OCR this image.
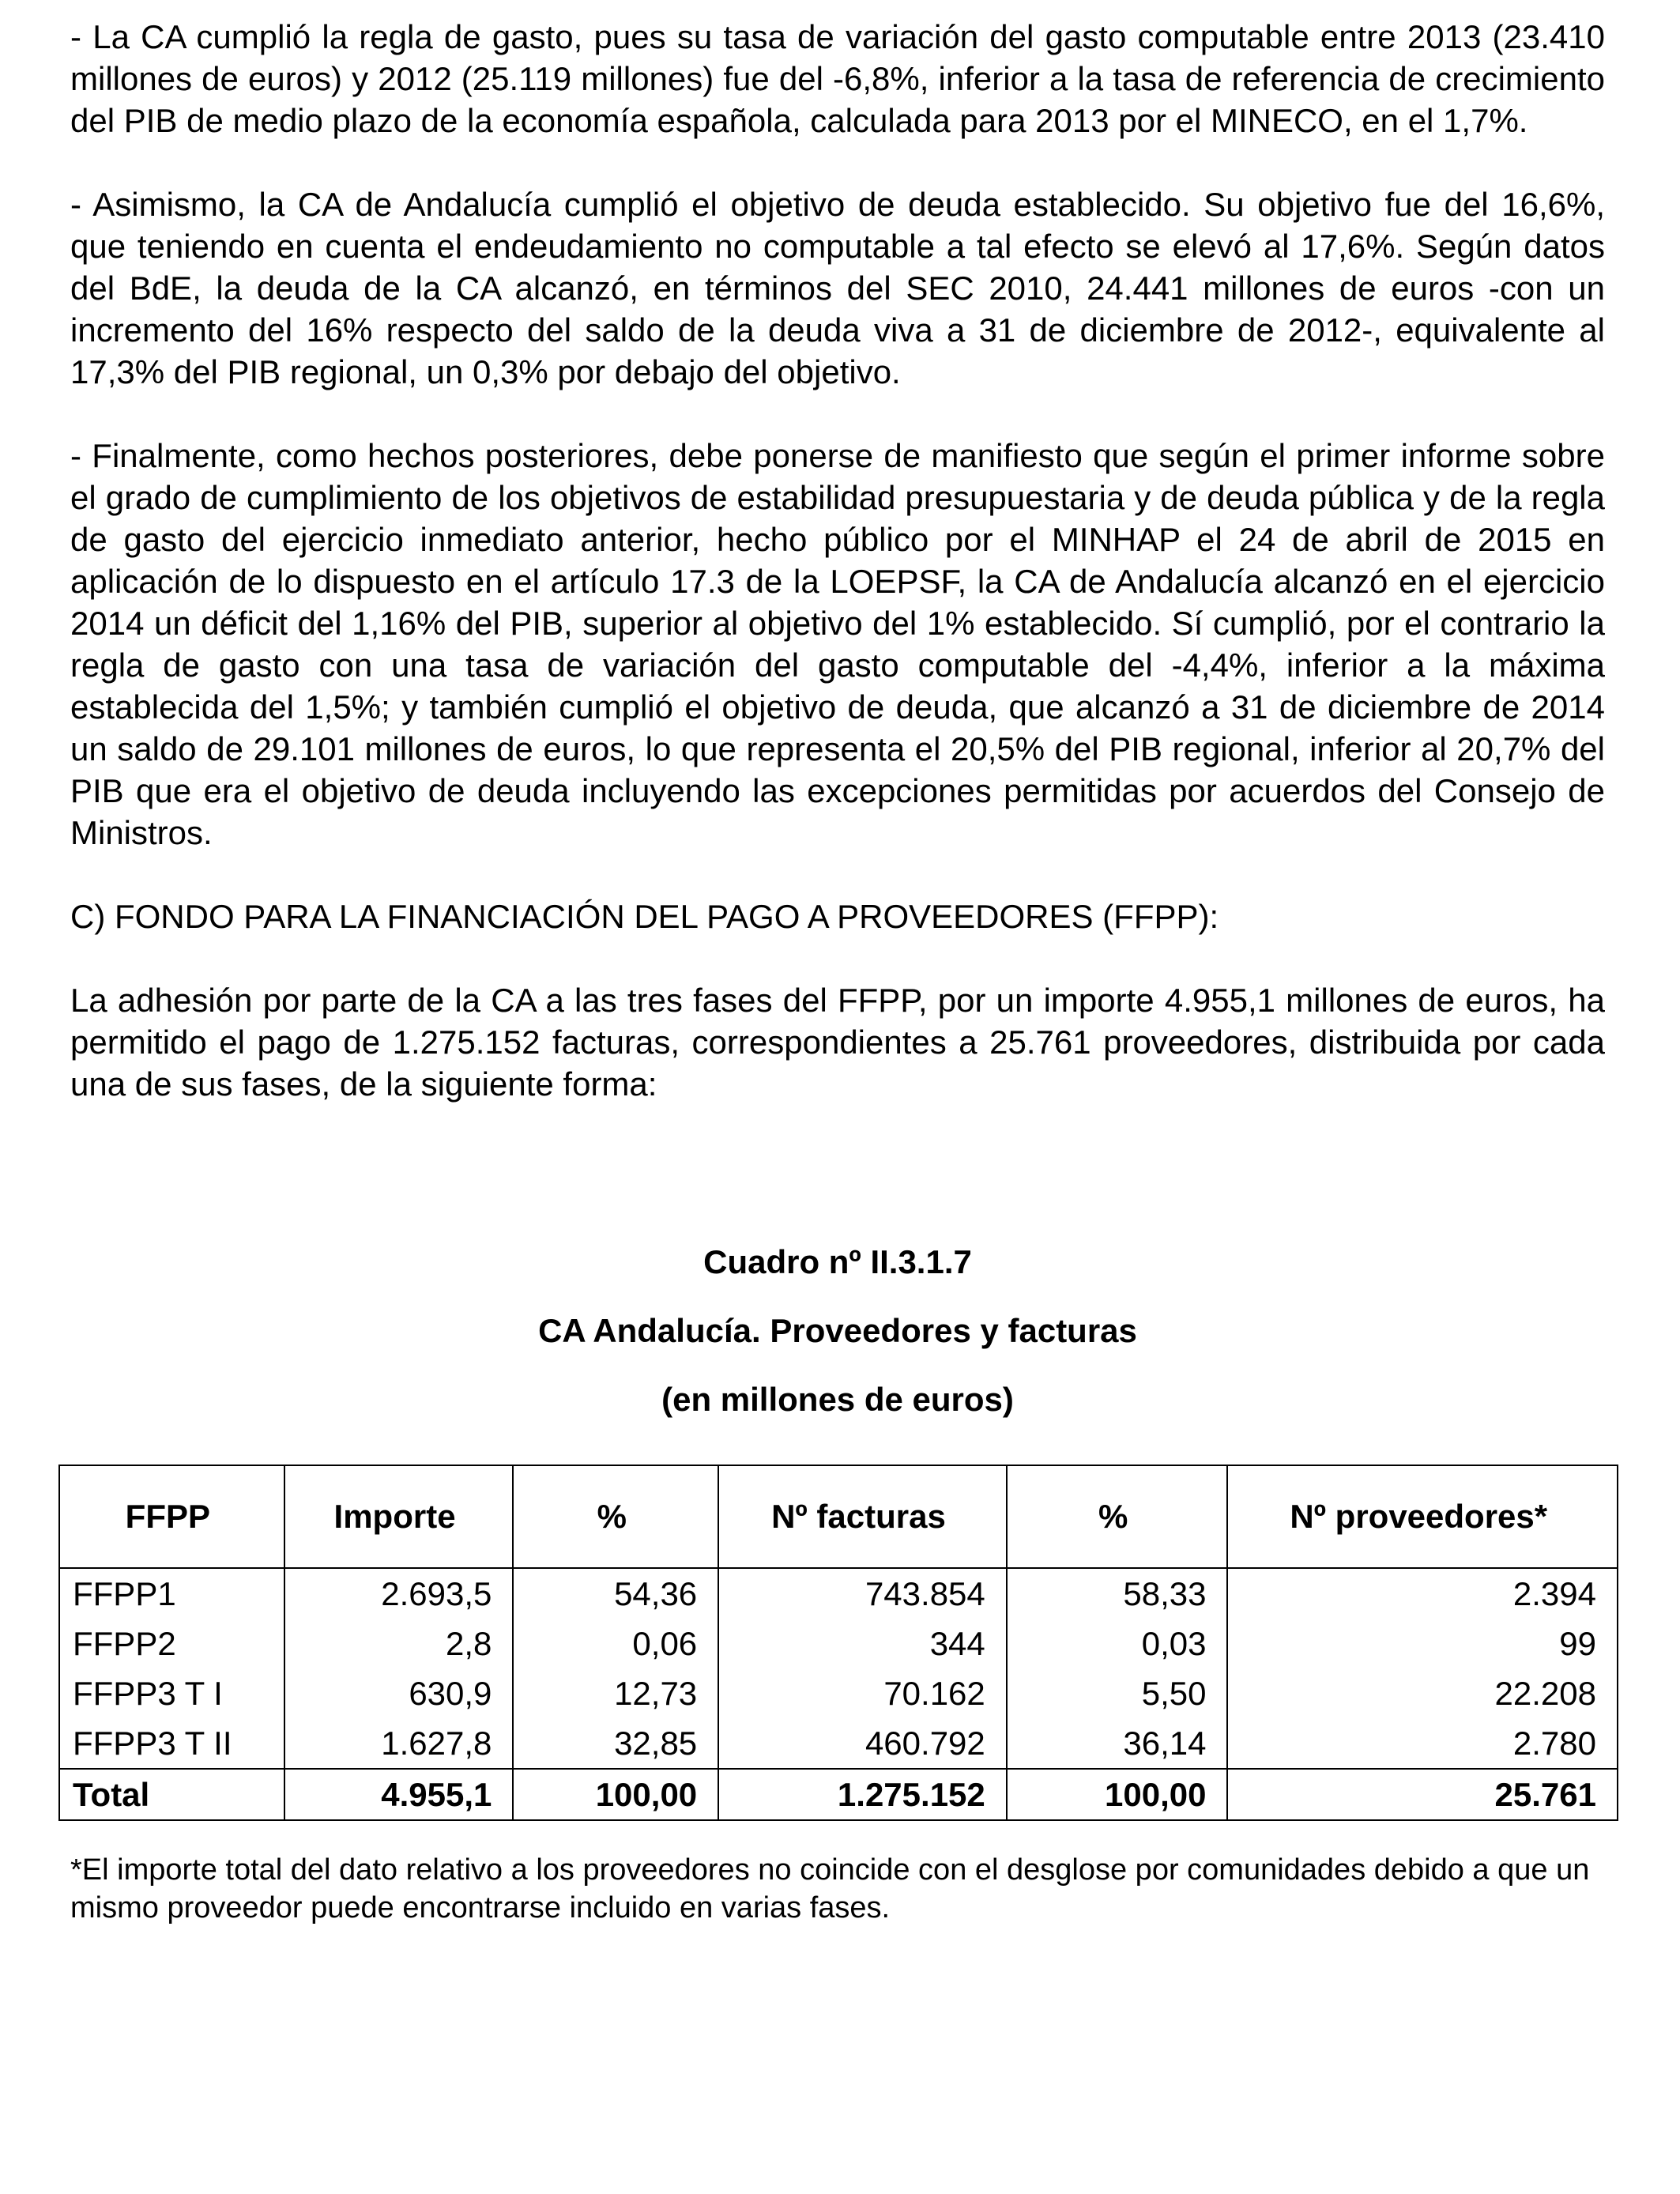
- La CA cumplió la regla de gasto, pues su tasa de variación del gasto computable entre 2013 (23.410 millones de euros) y 2012 (25.119 millones) fue del -6,8%, inferior a la tasa de referencia de crecimiento del PIB de medio plazo de la economía española, calculada para 2013 por el MINECO, en el 1,7%.

- Asimismo, la CA de Andalucía cumplió el objetivo de deuda establecido. Su objetivo fue del 16,6%, que teniendo en cuenta el endeudamiento no computable a tal efecto se elevó al 17,6%. Según datos del BdE, la deuda de la CA alcanzó, en términos del SEC 2010, 24.441 millones de euros -con un incremento del 16% respecto del saldo de la deuda viva a 31 de diciembre de 2012-, equivalente al 17,3% del PIB regional, un 0,3% por debajo del objetivo.

- Finalmente, como hechos posteriores, debe ponerse de manifiesto que según el primer informe sobre el grado de cumplimiento de los objetivos de estabilidad presupuestaria y de deuda pública y de la regla de gasto del ejercicio inmediato anterior, hecho público por el MINHAP el 24 de abril de 2015 en aplicación de lo dispuesto en el artículo 17.3 de la LOEPSF, la CA de Andalucía alcanzó en el ejercicio 2014 un déficit del 1,16% del PIB, superior al objetivo del 1% establecido. Sí cumplió, por el contrario la regla de gasto con una tasa de variación del gasto computable del -4,4%, inferior a la máxima establecida del 1,5%; y también cumplió el objetivo de deuda, que alcanzó a 31 de diciembre de 2014 un saldo de 29.101 millones de euros, lo que representa el 20,5% del PIB regional, inferior al 20,7% del PIB que era el objetivo de deuda incluyendo las excepciones permitidas por acuerdos del Consejo de Ministros.

C) FONDO PARA LA FINANCIACIÓN DEL PAGO A PROVEEDORES (FFPP):

La adhesión por parte de la CA a las tres fases del FFPP, por un importe 4.955,1 millones de euros, ha permitido el pago de 1.275.152 facturas, correspondientes a 25.761 proveedores, distribuida por cada una de sus fases, de la siguiente forma:

Cuadro nº II.3.1.7

CA Andalucía. Proveedores y facturas

(en millones de euros)

FFPP	Importe	%	Nº facturas	%	Nº proveedores*
FFPP1	2.693,5	54,36	743.854	58,33	2.394
FFPP2	2,8	0,06	344	0,03	99
FFPP3 T I	630,9	12,73	70.162	5,50	22.208
FFPP3 T II	1.627,8	32,85	460.792	36,14	2.780
Total	4.955,1	100,00	1.275.152	100,00	25.761

*El importe total del dato relativo a los proveedores no coincide con el desglose por comunidades debido a que un mismo proveedor puede encontrarse incluido en varias fases.
